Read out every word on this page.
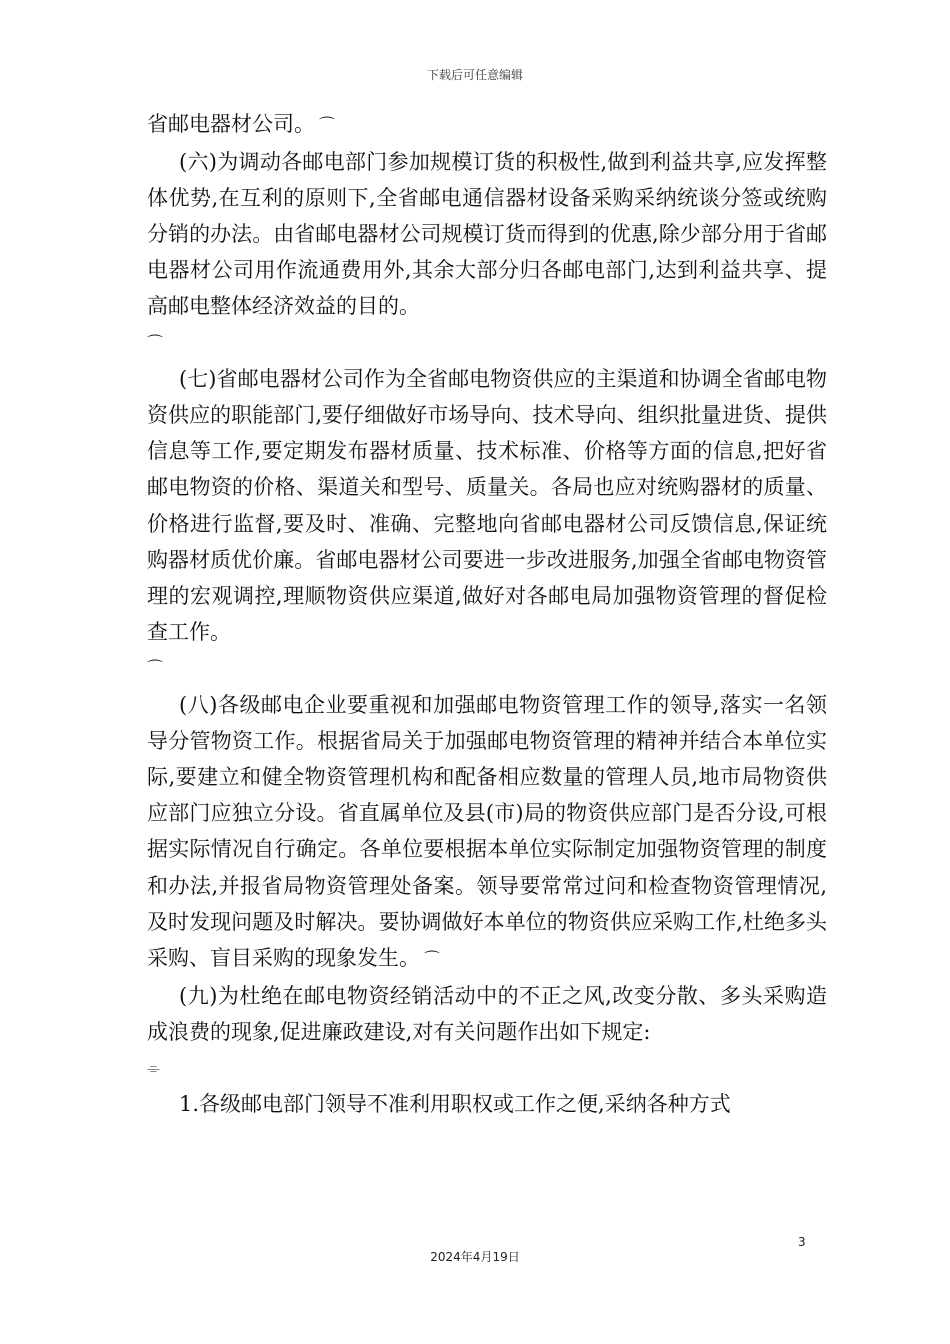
下载后可任意编辑

省邮电器材公司。 ⌒

(六)为调动各邮电部门参加规模订货的积极性,做到利益共享,应发挥整体优势,在互利的原则下,全省邮电通信器材设备采购采纳统谈分签或统购分销的办法。由省邮电器材公司规模订货而得到的优惠,除少部分用于省邮电器材公司用作流通费用外,其余大部分归各邮电部门,达到利益共享、提高邮电整体经济效益的目的。

⌒

(七)省邮电器材公司作为全省邮电物资供应的主渠道和协调全省邮电物资供应的职能部门,要仔细做好市场导向、技术导向、组织批量进货、提供信息等工作,要定期发布器材质量、技术标准、价格等方面的信息,把好省邮电物资的价格、渠道关和型号、质量关。各局也应对统购器材的质量、价格进行监督,要及时、准确、完整地向省邮电器材公司反馈信息,保证统购器材质优价廉。省邮电器材公司要进一步改进服务,加强全省邮电物资管理的宏观调控,理顺物资供应渠道,做好对各邮电局加强物资管理的督促检查工作。

⌒

(八)各级邮电企业要重视和加强邮电物资管理工作的领导,落实一名领导分管物资工作。根据省局关于加强邮电物资管理的精神并结合本单位实际,要建立和健全物资管理机构和配备相应数量的管理人员,地市局物资供应部门应独立分设。省直属单位及县(市)局的物资供应部门是否分设,可根据实际情况自行确定。各单位要根据本单位实际制定加强物资管理的制度和办法,并报省局物资管理处备案。领导要常常过问和检查物资管理情况,及时发现问题及时解决。要协调做好本单位的物资供应采购工作,杜绝多头采购、盲目采购的现象发生。 ⌒

(九)为杜绝在邮电物资经销活动中的不正之风,改变分散、多头采购造成浪费的现象,促进廉政建设,对有关问题作出如下规定:

⌯

1.各级邮电部门领导不准利用职权或工作之便,采纳各种方式

3
2024年4月19日
